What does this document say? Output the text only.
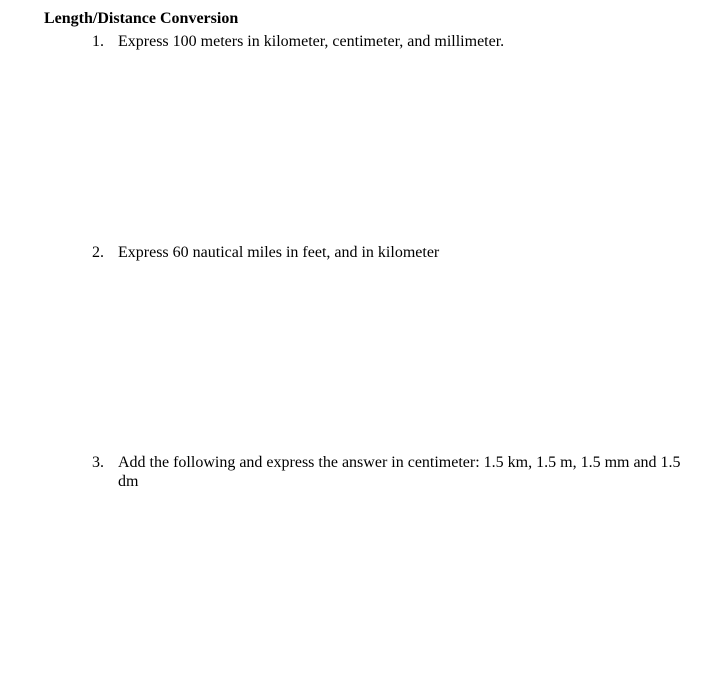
Length/Distance Conversion
1. Express 100 meters in kilometer, centimeter, and millimeter.
2. Express 60 nautical miles in feet, and in kilometer
3. Add the following and express the answer in centimeter: 1.5 km, 1.5 m, 1.5 mm and 1.5 dm
